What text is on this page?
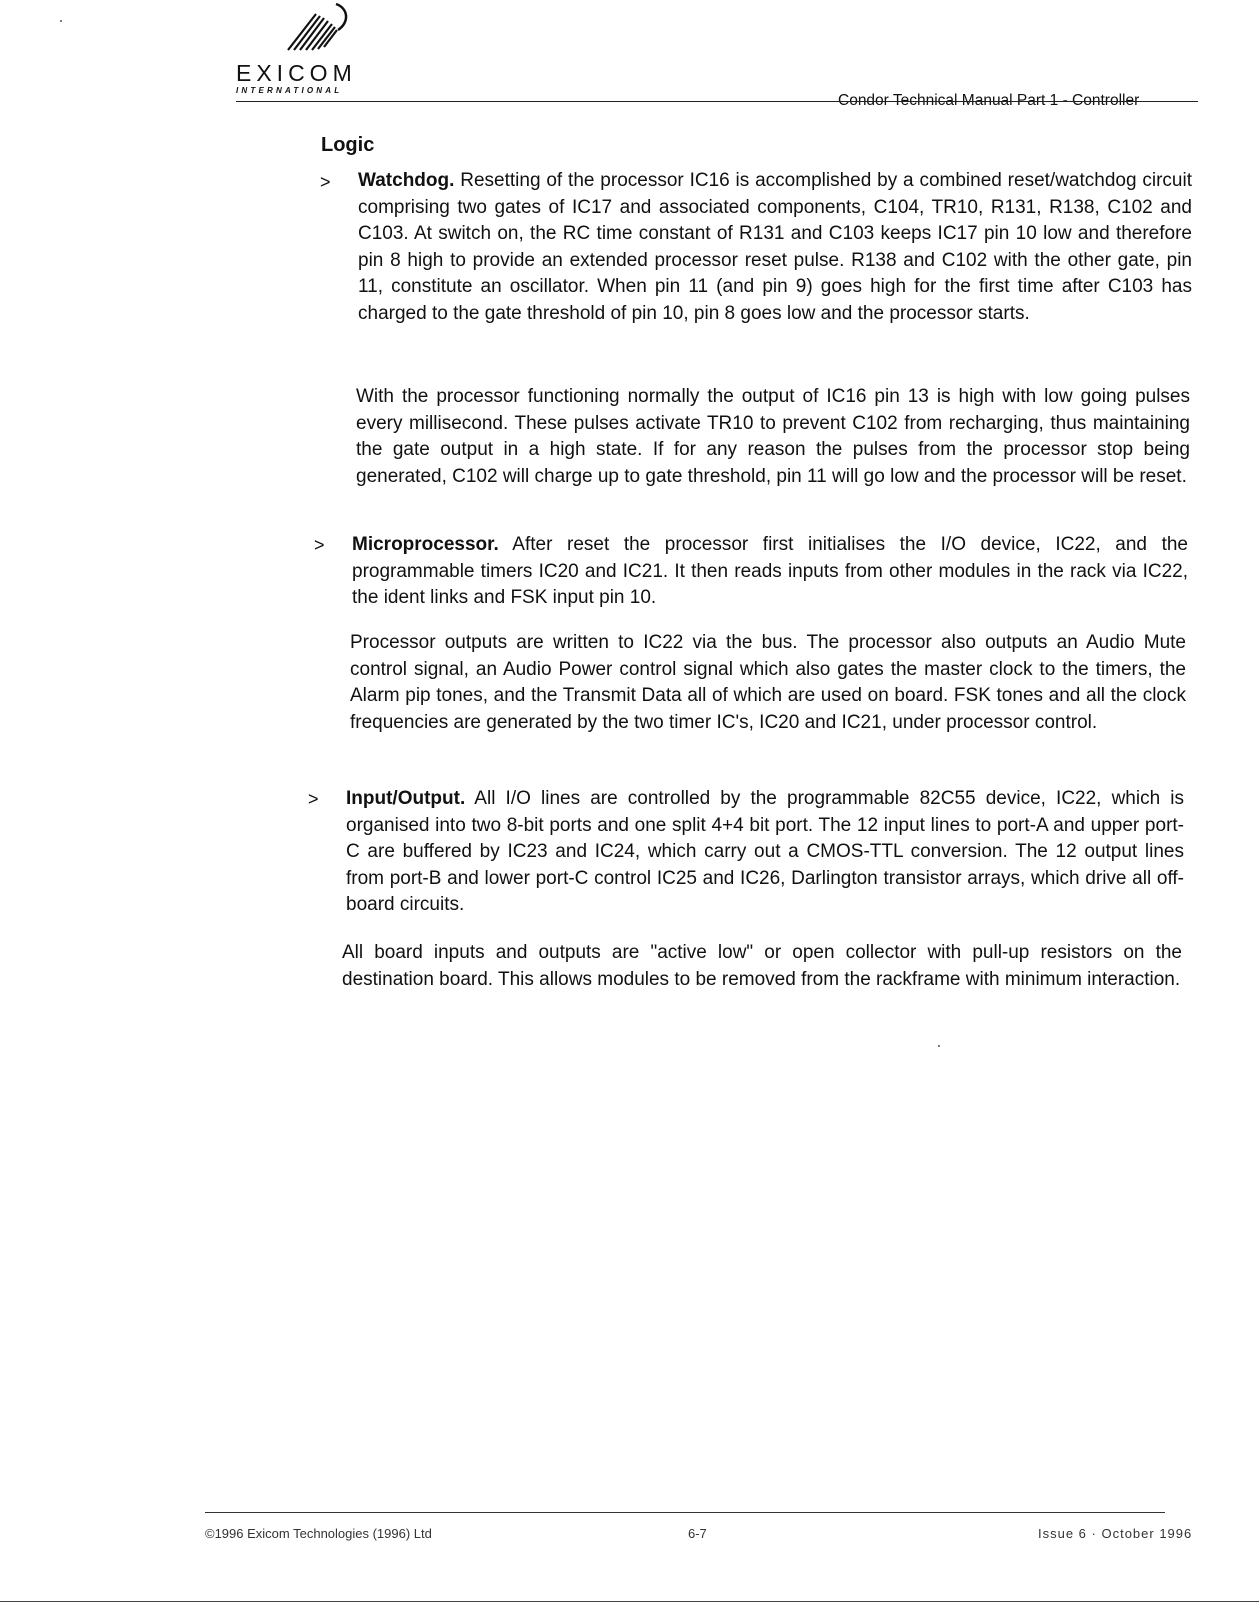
EXICOM
INTERNATIONAL
Condor Technical Manual Part 1 - Controller
Logic
> Watchdog. Resetting of the processor IC16 is accomplished by a combined reset/watchdog circuit comprising two gates of IC17 and associated components, C104, TR10, R131, R138, C102 and C103. At switch on, the RC time constant of R131 and C103 keeps IC17 pin 10 low and therefore pin 8 high to provide an extended processor reset pulse. R138 and C102 with the other gate, pin 11, constitute an oscillator. When pin 11 (and pin 9) goes high for the first time after C103 has charged to the gate threshold of pin 10, pin 8 goes low and the processor starts.

With the processor functioning normally the output of IC16 pin 13 is high with low going pulses every millisecond. These pulses activate TR10 to prevent C102 from recharging, thus maintaining the gate output in a high state. If for any reason the pulses from the processor stop being generated, C102 will charge up to gate threshold, pin 11 will go low and the processor will be reset.

> Microprocessor. After reset the processor first initialises the I/O device, IC22, and the programmable timers IC20 and IC21. It then reads inputs from other modules in the rack via IC22, the ident links and FSK input pin 10.

Processor outputs are written to IC22 via the bus. The processor also outputs an Audio Mute control signal, an Audio Power control signal which also gates the master clock to the timers, the Alarm pip tones, and the Transmit Data all of which are used on board. FSK tones and all the clock frequencies are generated by the two timer IC's, IC20 and IC21, under processor control.

> Input/Output. All I/O lines are controlled by the programmable 82C55 device, IC22, which is organised into two 8-bit ports and one split 4+4 bit port. The 12 input lines to port-A and upper port-C are buffered by IC23 and IC24, which carry out a CMOS-TTL conversion. The 12 output lines from port-B and lower port-C control IC25 and IC26, Darlington transistor arrays, which drive all off-board circuits.

All board inputs and outputs are "active low" or open collector with pull-up resistors on the destination board. This allows modules to be removed from the rackframe with minimum interaction.

©1996 Exicom Technologies (1996) Ltd	6-7	Issue 6 · October 1996
